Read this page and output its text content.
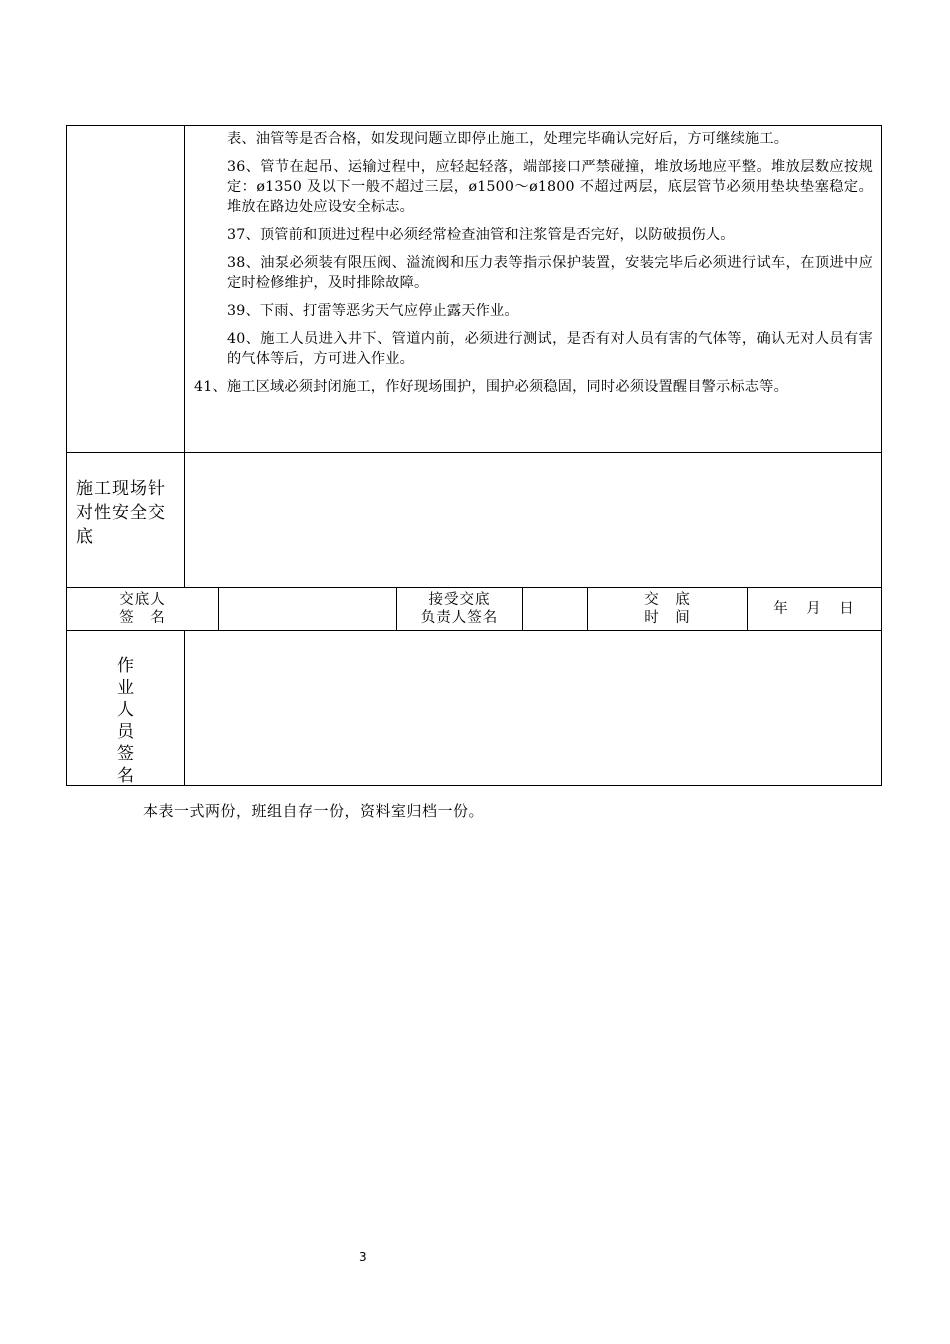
表、油管等是否合格，如发现问题立即停止施工，处理完毕确认完好后，方可继续施工。

36、管节在起吊、运输过程中，应轻起轻落，端部接口严禁碰撞，堆放场地应平整。堆放层数应按规定：ø1350 及以下一般不超过三层，ø1500～ø1800 不超过两层，底层管节必须用垫块垫塞稳定。堆放在路边处应设安全标志。

37、顶管前和顶进过程中必须经常检查油管和注浆管是否完好，以防破损伤人。

38、油泵必须装有限压阀、溢流阀和压力表等指示保护装置，安装完毕后必须进行试车，在顶进中应定时检修维护，及时排除故障。

39、下雨、打雷等恶劣天气应停止露天作业。

40、施工人员进入井下、管道内前，必须进行测试，是否有对人员有害的气体等，确认无对人员有害的气体等后，方可进入作业。

41、施工区域必须封闭施工，作好现场围护，围护必须稳固，同时必须设置醒目警示标志等。

施工现场针对性安全交底
交底人
签　名
接受交底
负责人签名
交　底
时　间
年　月　日
作
业
人
员
签
名
本表一式两份，班组自存一份，资料室归档一份。
3
